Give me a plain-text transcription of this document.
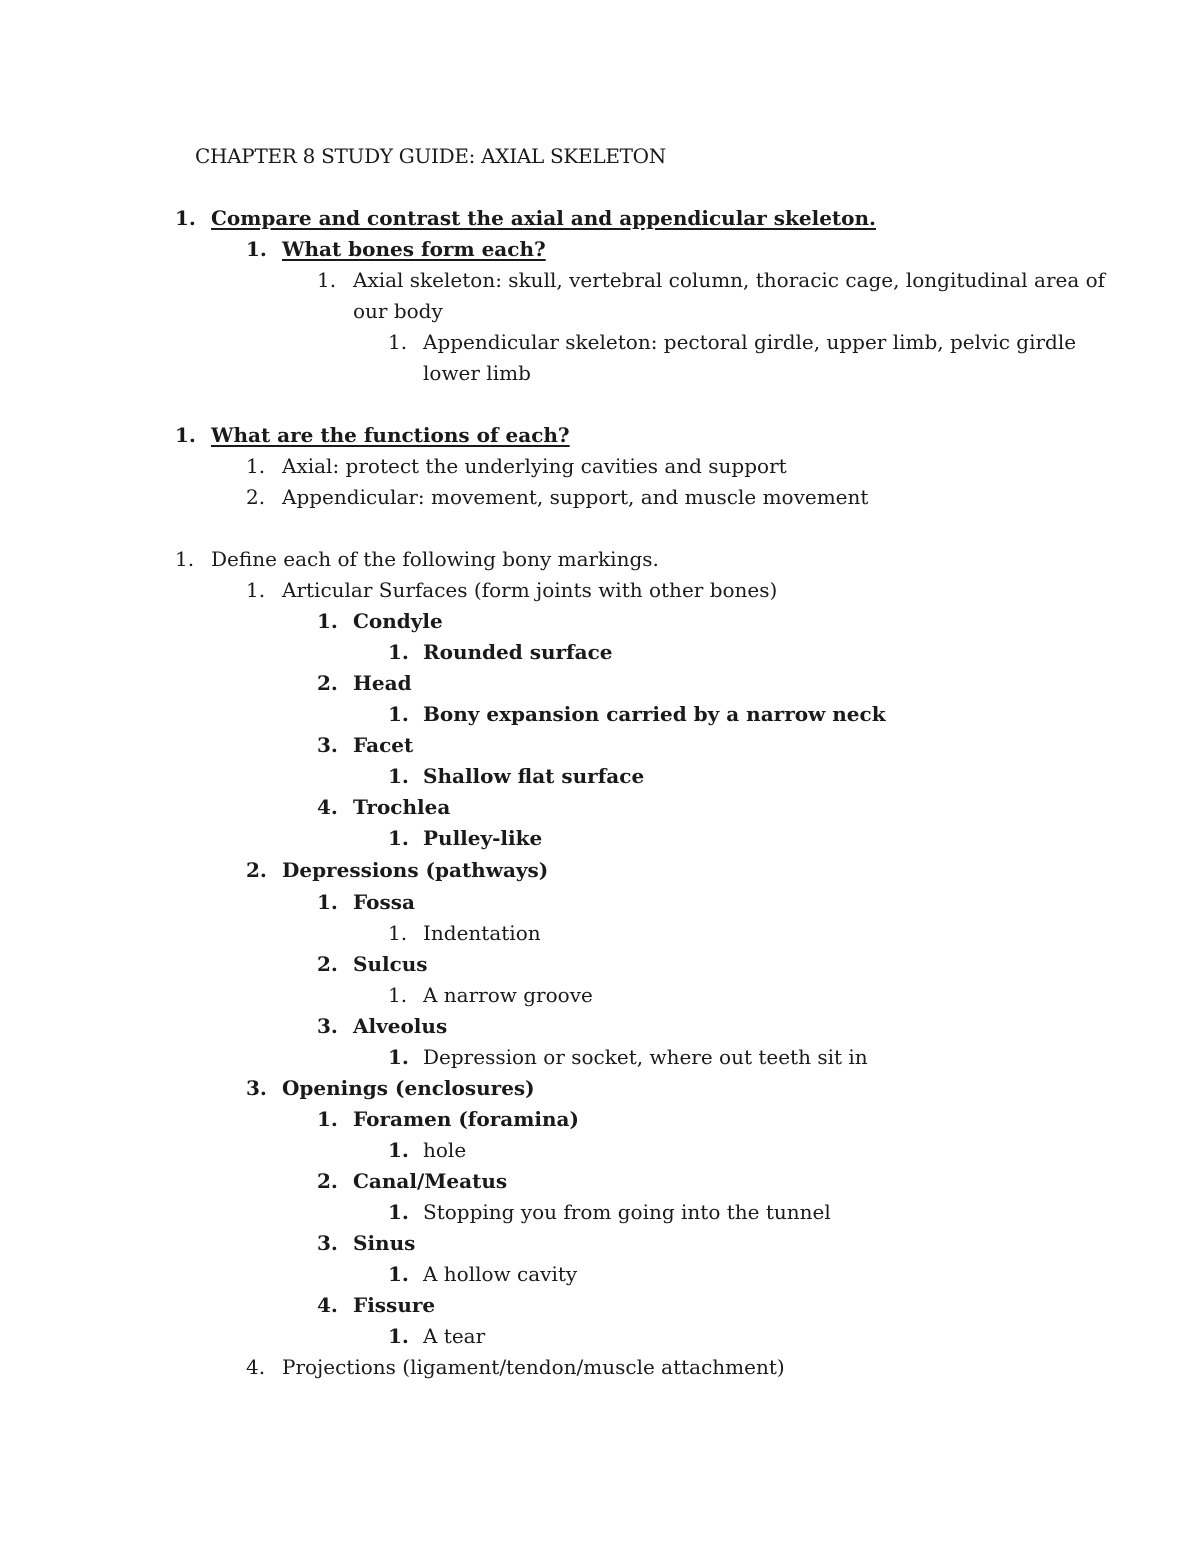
CHAPTER 8 STUDY GUIDE: AXIAL SKELETON
1. Compare and contrast the axial and appendicular skeleton.
1. What bones form each?
1. Axial skeleton: skull, vertebral column, thoracic cage, longitudinal area of
our body
1. Appendicular skeleton: pectoral girdle, upper limb, pelvic girdle
lower limb
1. What are the functions of each?
1. Axial: protect the underlying cavities and support
2. Appendicular: movement, support, and muscle movement
1. Define each of the following bony markings.
1. Articular Surfaces (form joints with other bones)
1. Condyle
1. Rounded surface
2. Head
1. Bony expansion carried by a narrow neck
3. Facet
1. Shallow flat surface
4. Trochlea
1. Pulley-like
2. Depressions (pathways)
1. Fossa
1. Indentation
2. Sulcus
1. A narrow groove
3. Alveolus
1. Depression or socket, where out teeth sit in
3. Openings (enclosures)
1. Foramen (foramina)
1. hole
2. Canal/Meatus
1. Stopping you from going into the tunnel
3. Sinus
1. A hollow cavity
4. Fissure
1. A tear
4. Projections (ligament/tendon/muscle attachment)
